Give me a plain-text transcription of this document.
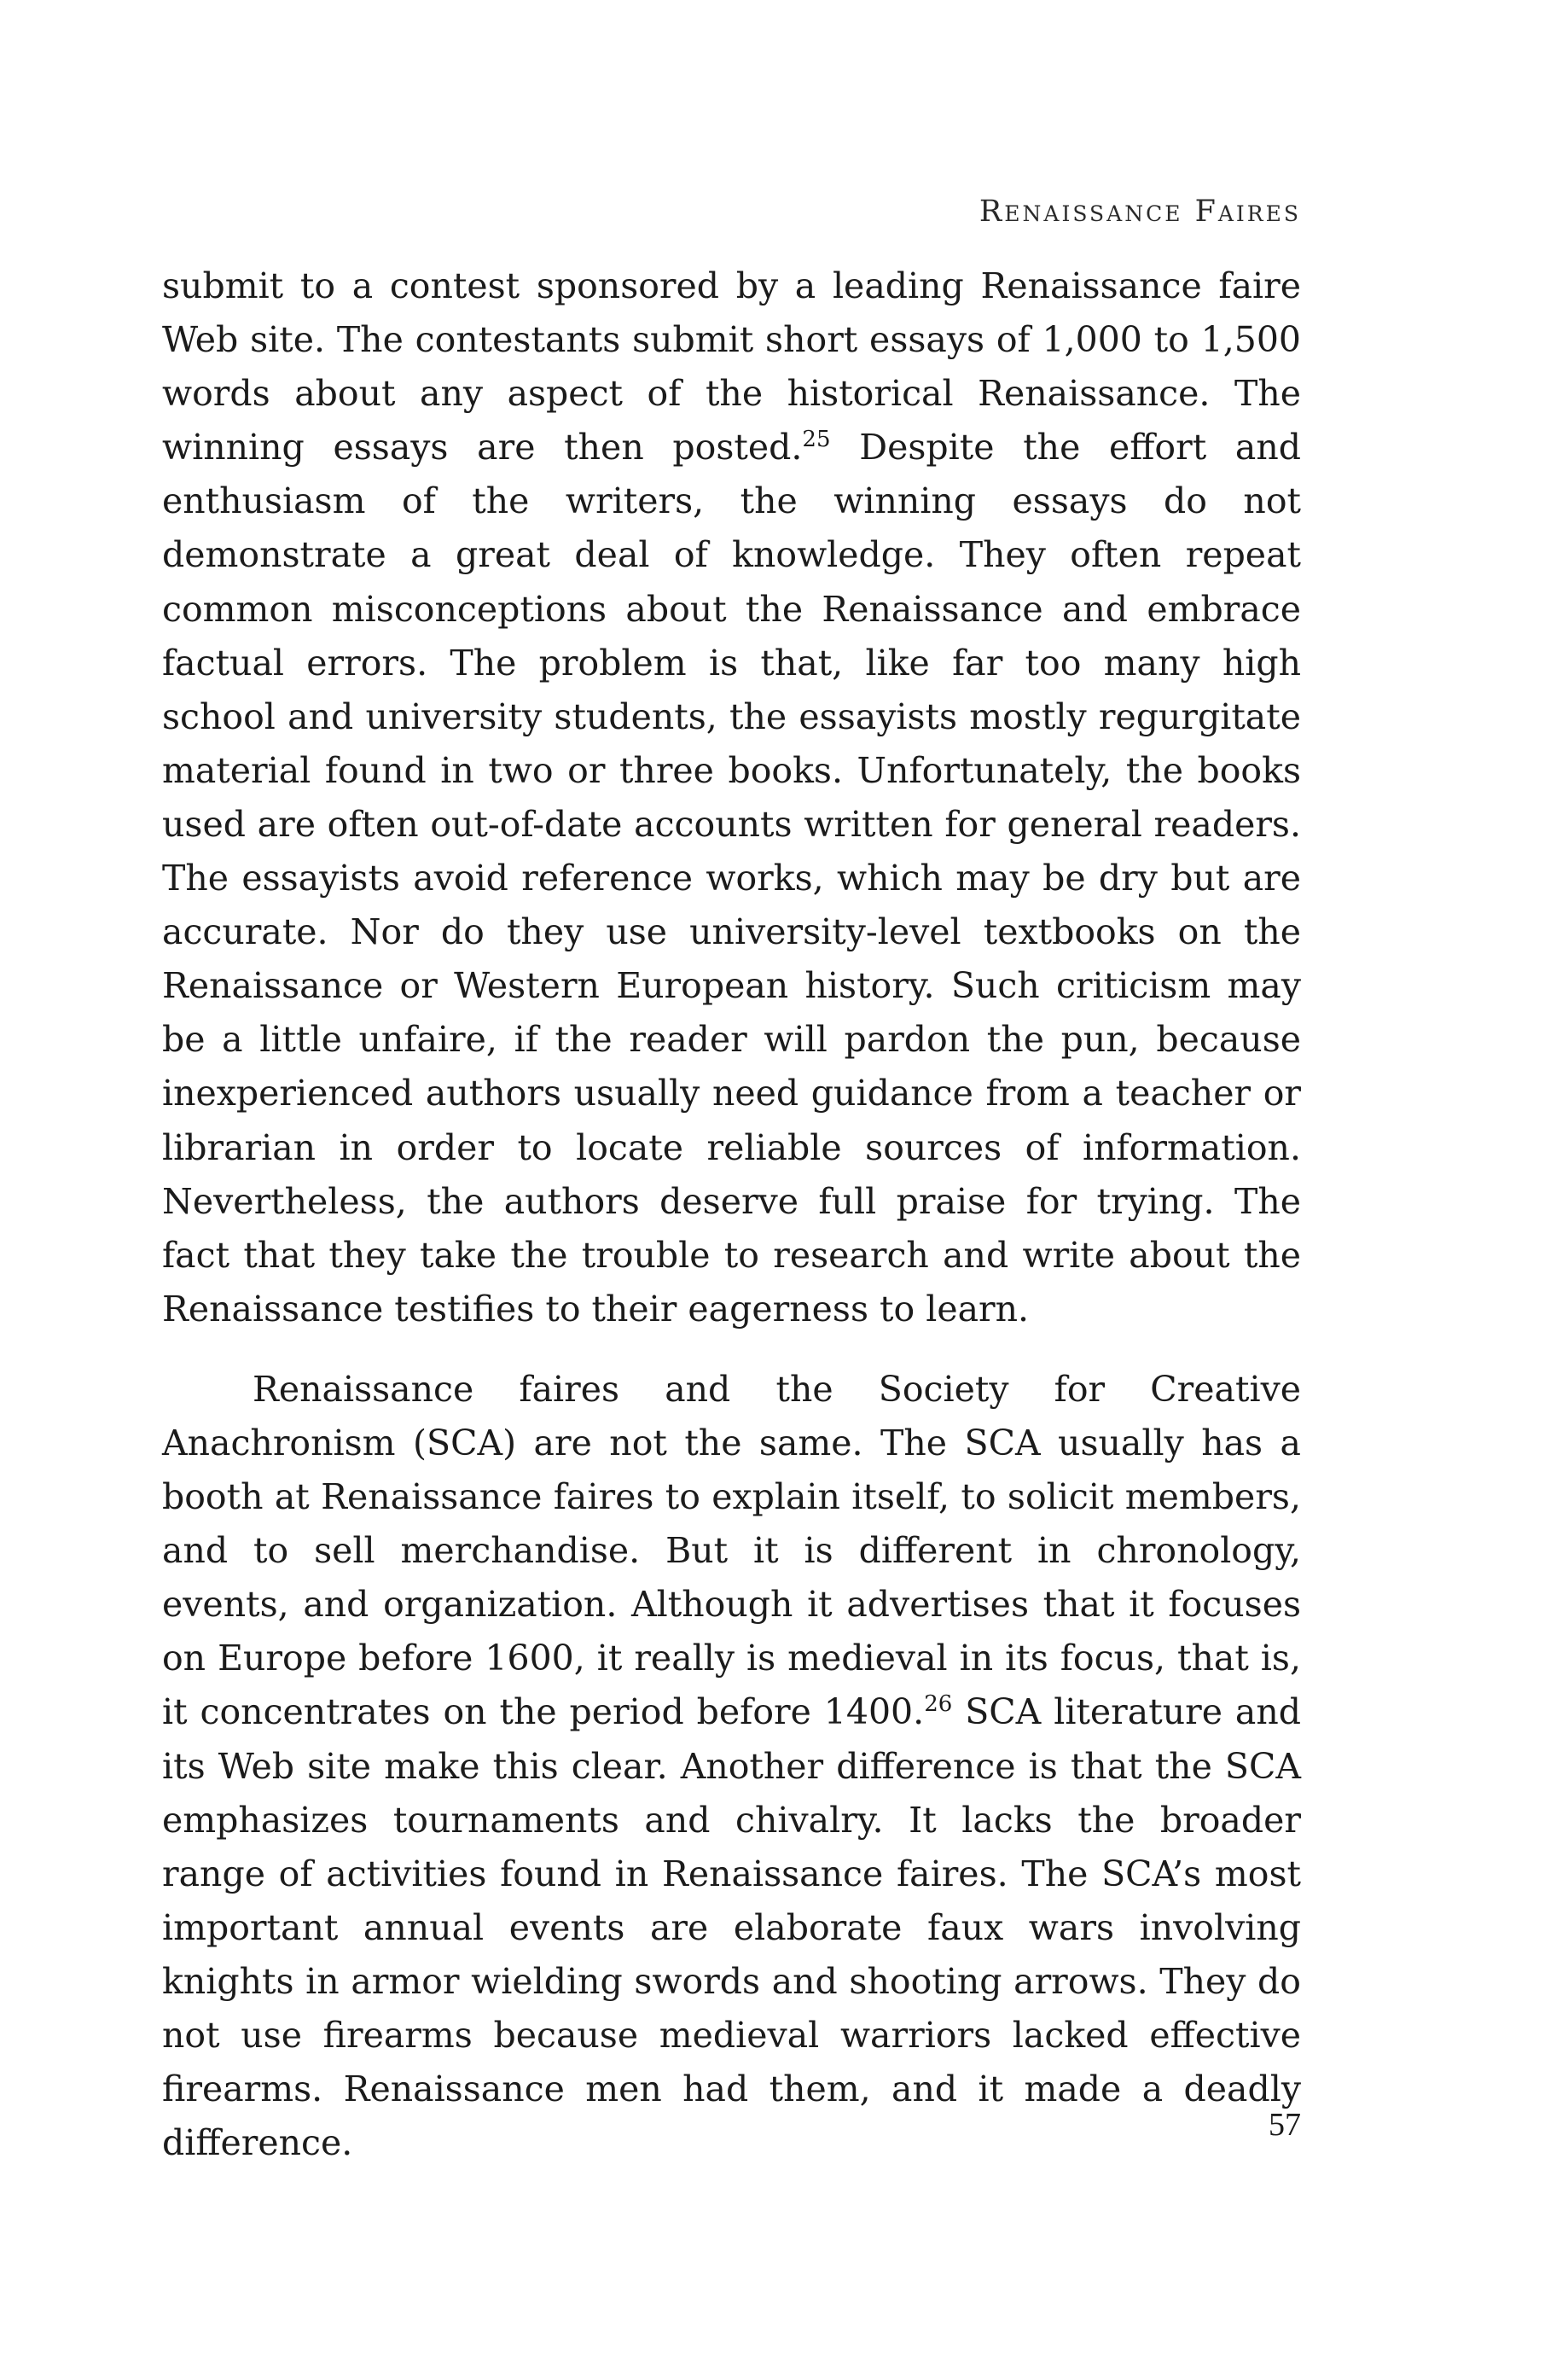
Renaissance Faires

submit to a contest sponsored by a leading Renaissance faire Web site. The contestants submit short essays of 1,000 to 1,500 words about any aspect of the historical Renaissance. The winning essays are then posted.$^{25}$ Despite the effort and enthusiasm of the writers, the winning essays do not demonstrate a great deal of knowledge. They often repeat common misconceptions about the Renaissance and embrace factual errors. The problem is that, like far too many high school and university students, the essayists mostly regurgitate material found in two or three books. Unfortunately, the books used are often out-of-date accounts written for general readers. The essayists avoid reference works, which may be dry but are accurate. Nor do they use university-level textbooks on the Renaissance or Western European history. Such criticism may be a little unfaire, if the reader will pardon the pun, because inexperienced authors usually need guidance from a teacher or librarian in order to locate reliable sources of information. Nevertheless, the authors deserve full praise for trying. The fact that they take the trouble to research and write about the Renaissance testifies to their eagerness to learn.

Renaissance faires and the Society for Creative Anachronism (SCA) are not the same. The SCA usually has a booth at Renaissance faires to explain itself, to solicit members, and to sell merchandise. But it is different in chronology, events, and organization. Although it advertises that it focuses on Europe before 1600, it really is medieval in its focus, that is, it concentrates on the period before 1400.26 SCA literature and its Web site make this clear. Another difference is that the SCA emphasizes tournaments and chivalry. It lacks the broader range of activities found in Renaissance faires. The SCA’s most important annual events are elaborate faux wars involving knights in armor wielding swords and shooting arrows. They do not use firearms because medieval warriors lacked effective firearms. Renaissance men had them, and it made a deadly difference.	57
